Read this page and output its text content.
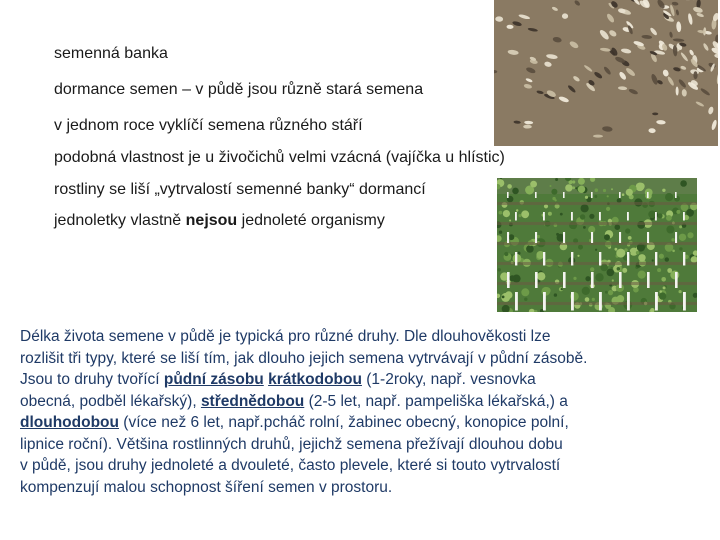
semenná banka
dormance semen – v půdě jsou různě stará semena
v jednom roce vyklíčí semena různého stáří
podobná vlastnost je u živočichů velmi vzácná (vajíčka u hlístic)
rostliny se liší „vytrvalostí semenné banky“ dormancí
jednoletky vlastně nejsou jednoleté organismy
Délka života semene v půdě je typická pro různé druhy. Dle dlouhověkosti lze
rozlišit tři typy, které se liší tím, jak dlouho jejich semena vytrvávají v půdní zásobě.
Jsou to druhy tvořící půdní zásobu krátkodobou (1-2roky, např. vesnovka
obecná, podběl lékařský), střednědobou (2-5 let, např. pampeliška lékařská,) a
dlouhodobou (více než 6 let, např.pcháč rolní, žabinec obecný, konopice polní,
lipnice roční). Většina rostlinných druhů, jejichž semena přežívají dlouhou dobu
v půdě, jsou druhy jednoleté a dvouleté, často plevele, které si touto vytrvalostí
kompenzují malou schopnost šíření semen v prostoru.
